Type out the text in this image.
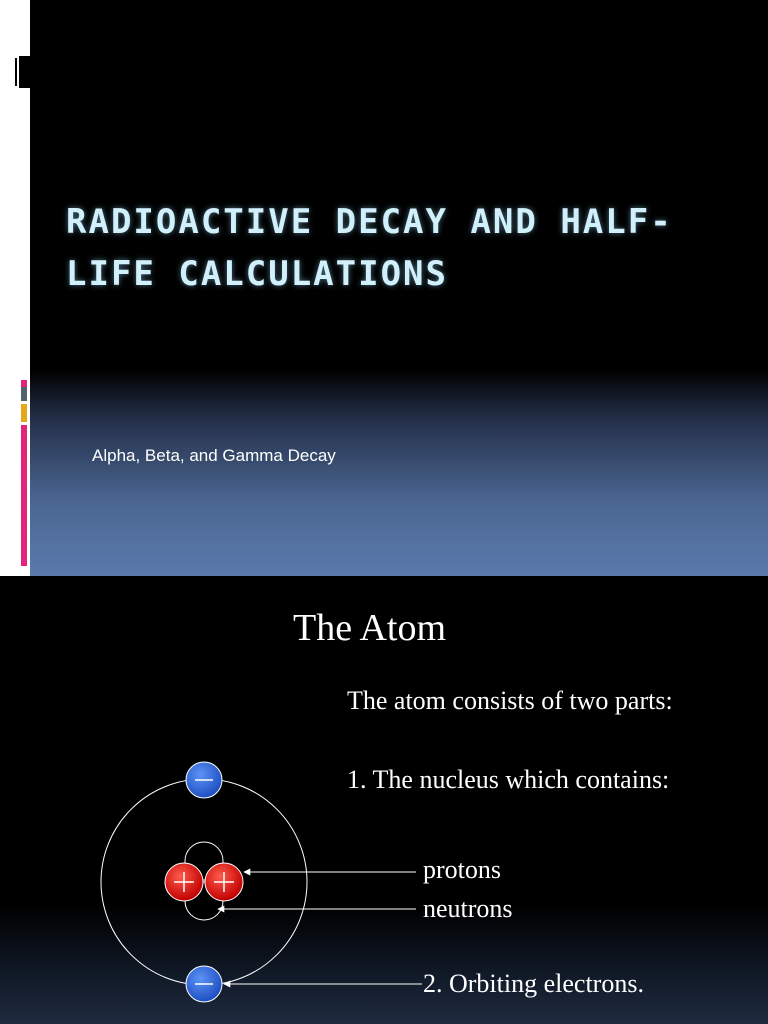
RADIOACTIVE DECAY AND HALF-LIFE CALCULATIONS
Alpha, Beta, and Gamma Decay
The Atom
The atom consists of two parts:
1. The nucleus which contains:
protons
neutrons
2. Orbiting electrons.
